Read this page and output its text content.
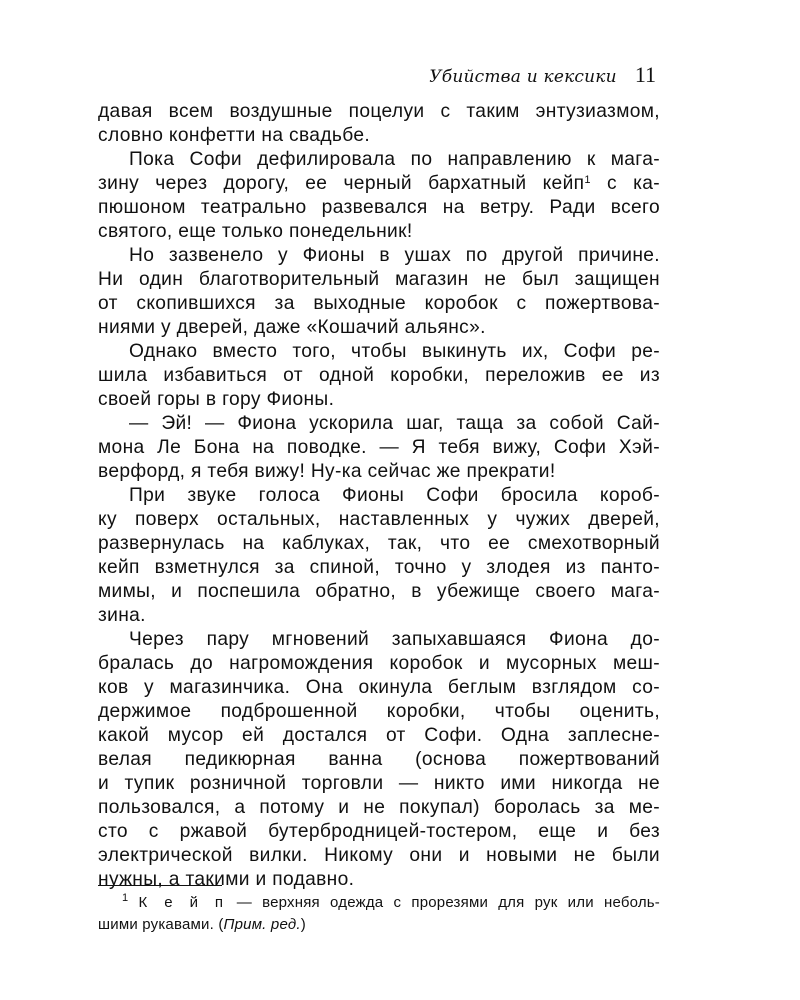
Убийства и кексики 11
давая всем воздушные поцелуи с таким энтузиазмом,
словно конфетти на свадьбе.
Пока Софи дефилировала по направлению к мага-
зину через дорогу, ее черный бархатный кейп$^1$ с ка-
пюшоном театрально развевался на ветру. Ради всего
святого, еще только понедельник!
Но зазвенело у Фионы в ушах по другой причине.
Ни один благотворительный магазин не был защищен
от скопившихся за выходные коробок с пожертвова-
ниями у дверей, даже «Кошачий альянс».
Однако вместо того, чтобы выкинуть их, Софи ре-
шила избавиться от одной коробки, переложив ее из
своей горы в гору Фионы.
— Эй! — Фиона ускорила шаг, таща за собой Сай-
мона Ле Бона на поводке. — Я тебя вижу, Софи Хэй-
верфорд, я тебя вижу! Ну-ка сейчас же прекрати!
При звуке голоса Фионы Софи бросила короб-
ку поверх остальных, наставленных у чужих дверей,
развернулась на каблуках, так, что ее смехотворный
кейп взметнулся за спиной, точно у злодея из панто-
мимы, и поспешила обратно, в убежище своего мага-
зина.
Через пару мгновений запыхавшаяся Фиона до-
бралась до нагромождения коробок и мусорных меш-
ков у магазинчика. Она окинула беглым взглядом со-
держимое подброшенной коробки, чтобы оценить,
какой мусор ей достался от Софи. Одна заплесне-
велая педикюрная ванна (основа пожертвований
и тупик розничной торговли — никто ими никогда не
пользовался, а потому и не покупал) боролась за ме-
сто с ржавой бутербродницей-тостером, еще и без
электрической вилки. Никому они и новыми не были
нужны, а такими и подавно.
$^1$ К е й п — верхняя одежда с прорезями для рук или неболь-
шими рукавами. (Прим. ред.)
